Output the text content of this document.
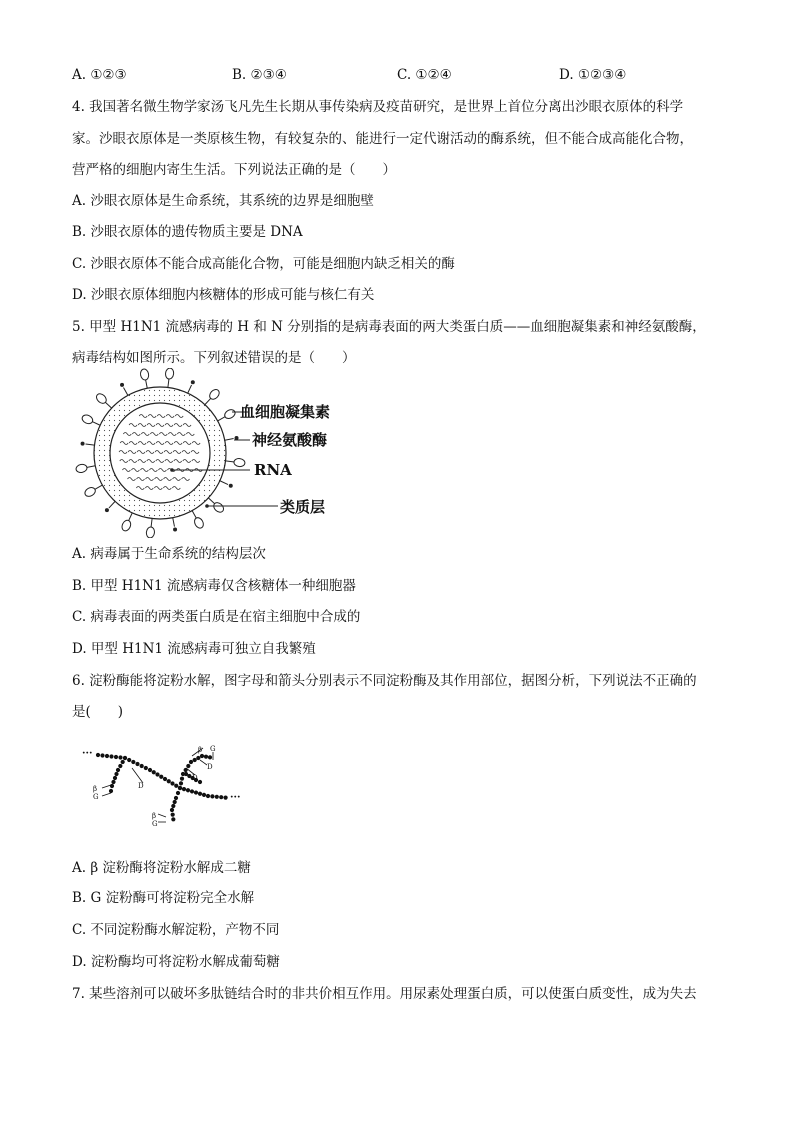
A. ①②③	B. ②③④	C. ①②④	D. ①②③④
4. 我国著名微生物学家汤飞凡先生长期从事传染病及疫苗研究，是世界上首位分离出沙眼衣原体的科学
家。沙眼衣原体是一类原核生物，有较复杂的、能进行一定代谢活动的酶系统，但不能合成高能化合物，
营严格的细胞内寄生生活。下列说法正确的是（　　）
A. 沙眼衣原体是生命系统，其系统的边界是细胞壁
B. 沙眼衣原体的遗传物质主要是 DNA
C. 沙眼衣原体不能合成高能化合物，可能是细胞内缺乏相关的酶
D. 沙眼衣原体细胞内核糖体的形成可能与核仁有关
5. 甲型 H1N1 流感病毒的 H 和 N 分别指的是病毒表面的两大类蛋白质——血细胞凝集素和神经氨酸酶，
病毒结构如图所示。下列叙述错误的是（　　）
血细胞凝集素
神经氨酸酶
RNA
类质层
A. 病毒属于生命系统的结构层次
B. 甲型 H1N1 流感病毒仅含核糖体一种细胞器
C. 病毒表面的两类蛋白质是在宿主细胞中合成的
D. 甲型 H1N1 流感病毒可独立自我繁殖
6. 淀粉酶能将淀粉水解，图字母和箭头分别表示不同淀粉酶及其作用部位，据图分析，下列说法不正确的
是(　　)
···
···
β
G
D
D
D
β G
β
G
A. β 淀粉酶将淀粉水解成二糖
B. G 淀粉酶可将淀粉完全水解
C. 不同淀粉酶水解淀粉，产物不同
D. 淀粉酶均可将淀粉水解成葡萄糖
7. 某些溶剂可以破坏多肽链结合时的非共价相互作用。用尿素处理蛋白质，可以使蛋白质变性，成为失去
